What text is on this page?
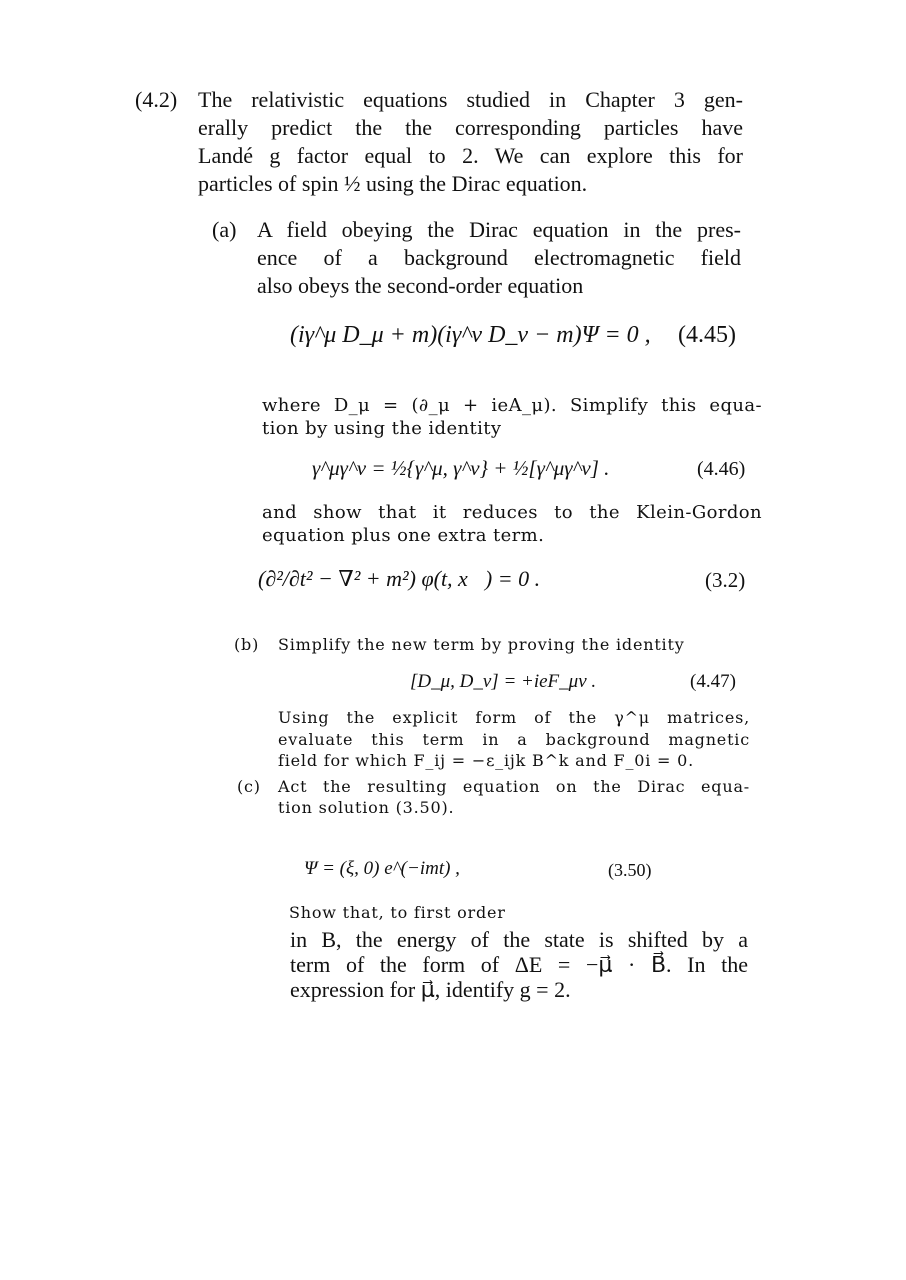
(4.2) The relativistic equations studied in Chapter 3 gen-
erally predict the the corresponding particles have
Landé g factor equal to 2. We can explore this for
particles of spin ½ using the Dirac equation.
(a) A field obeying the Dirac equation in the pres-
ence of a background electromagnetic field
also obeys the second-order equation
(iγ^μ D_μ + m)(iγ^ν D_ν − m)Ψ = 0 , (4.45)
where D_μ = (∂_μ + ieA_μ). Simplify this equa-
tion by using the identity
γ^μγ^ν = ½{γ^μ, γ^ν} + ½[γ^μγ^ν] .	(4.46)
and show that it reduces to the Klein-Gordon
equation plus one extra term.
(∂²/∂t² − ∇² + m²) φ(t, x⃗) = 0 .	(3.2)
(b) Simplify the new term by proving the identity
[D_μ, D_ν] = +ieF_μν .	(4.47)
Using the explicit form of the γ^μ matrices,
evaluate this term in a background magnetic
field for which F_ij = −ε_ijk B^k and F_0i = 0.
(c) Act the resulting equation on the Dirac equa-
tion solution (3.50).
Ψ = (ξ, 0) e^(−imt) ,	(3.50)
Show that, to first order
in B, the energy of the state is shifted by a
term of the form of ΔE = −μ⃗ · B⃗. In the
expression for μ⃗, identify g = 2.
